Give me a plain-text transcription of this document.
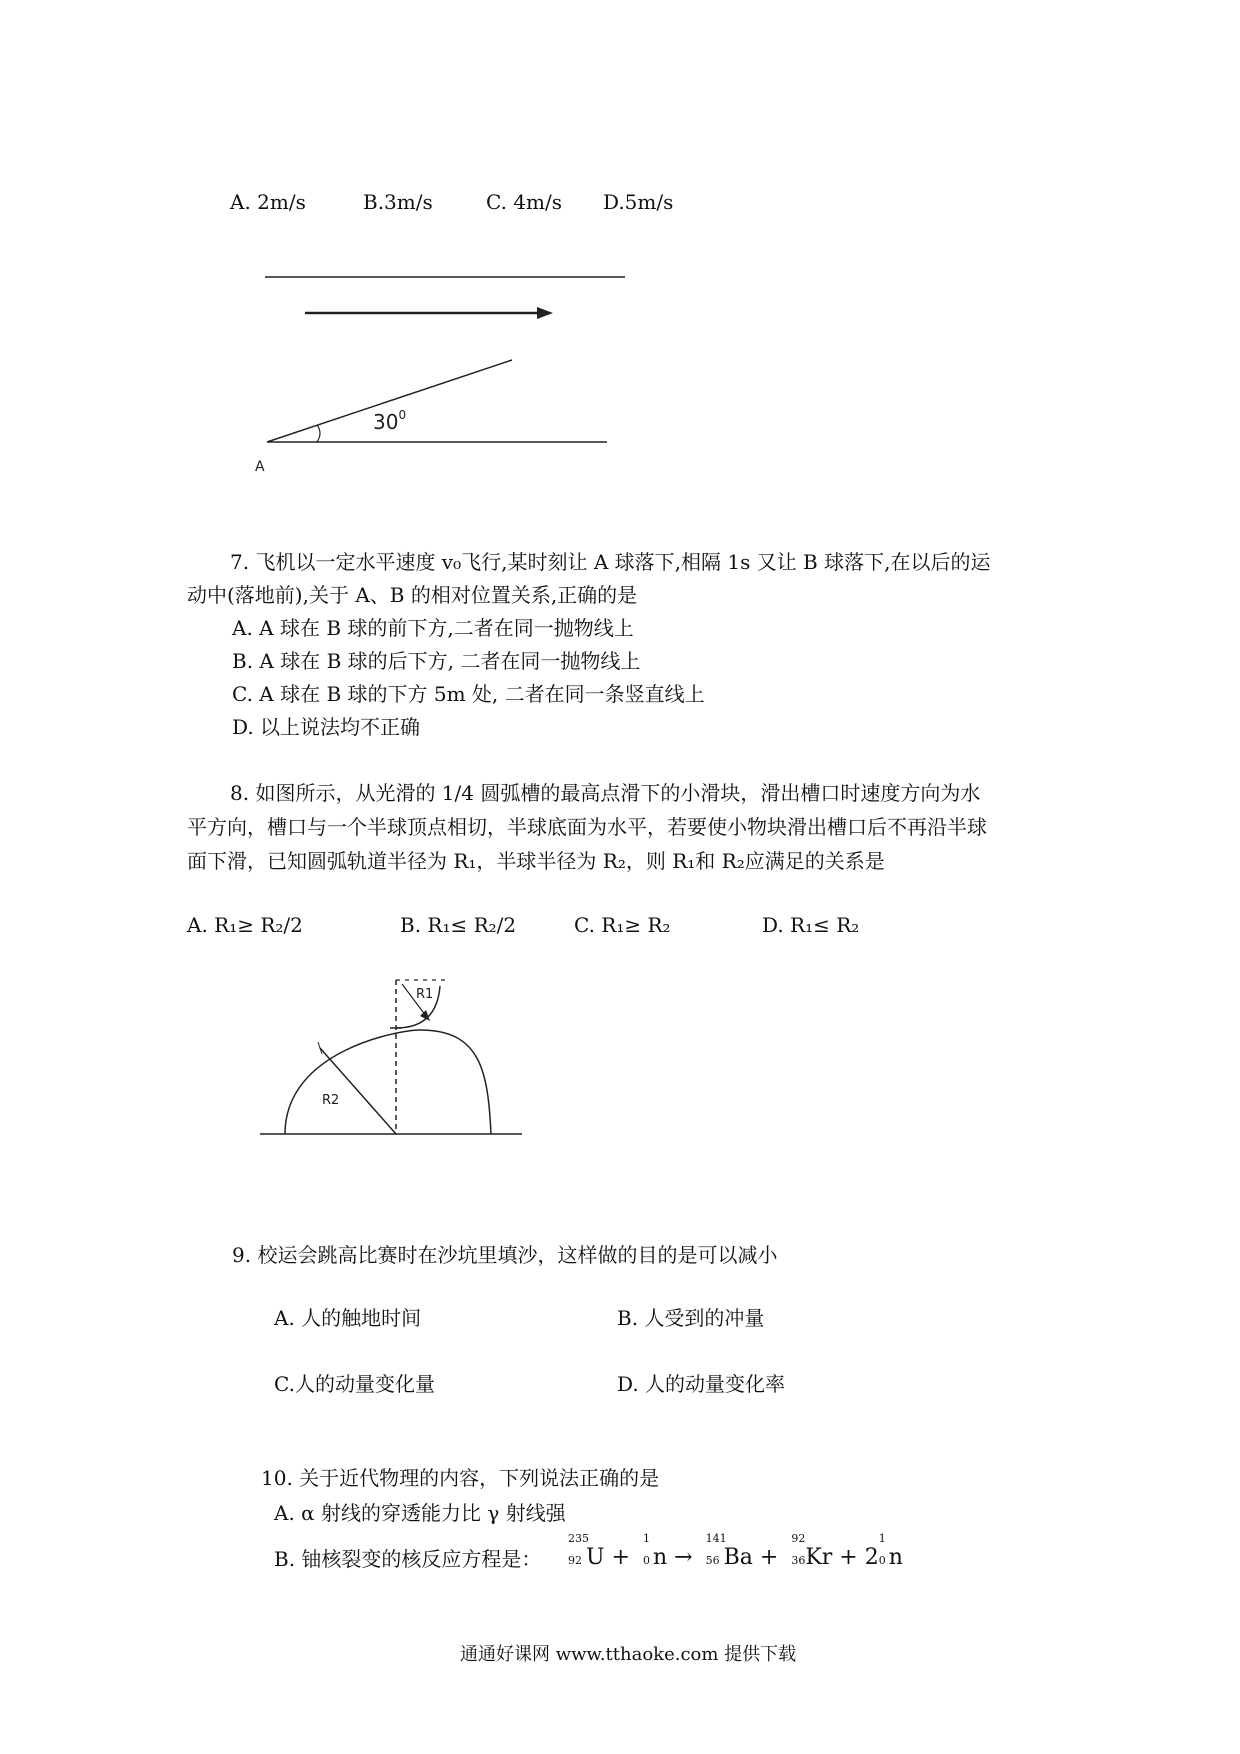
A. 2m/s	B.3m/s	C. 4m/s D.5m/s
$30^0$
A
7. 飞机以一定水平速度 v₀飞行,某时刻让 A 球落下,相隔 1s 又让 B 球落下,在以后的运
动中(落地前),关于 A、B 的相对位置关系,正确的是
A. A 球在 B 球的前下方,二者在同一抛物线上
B. A 球在 B 球的后下方, 二者在同一抛物线上
C. A 球在 B 球的下方 5m 处, 二者在同一条竖直线上
D. 以上说法均不正确
8. 如图所示，从光滑的 1/4 圆弧槽的最高点滑下的小滑块，滑出槽口时速度方向为水
平方向，槽口与一个半球顶点相切，半球底面为水平，若要使小物块滑出槽口后不再沿半球
面下滑，已知圆弧轨道半径为 R₁，半球半径为 R₂，则 R₁和 R₂应满足的关系是
A. R₁≥ R₂/2	B. R₁≤ R₂/2	C. R₁≥ R₂	D. R₁≤ R₂
R2
R1
9. 校运会跳高比赛时在沙坑里填沙，这样做的目的是可以减小
A. 人的触地时间	B. 人受到的冲量
C.人的动量变化量	D. 人的动量变化率
10. 关于近代物理的内容，下列说法正确的是
A. α 射线的穿透能力比 γ 射线强
B. 铀核裂变的核反应方程是：
235
92 U +
1
0 n →
141
56 Ba +
92
36 Kr + 2
1
0 n
通通好课网 www.tthaoke.com 提供下载
